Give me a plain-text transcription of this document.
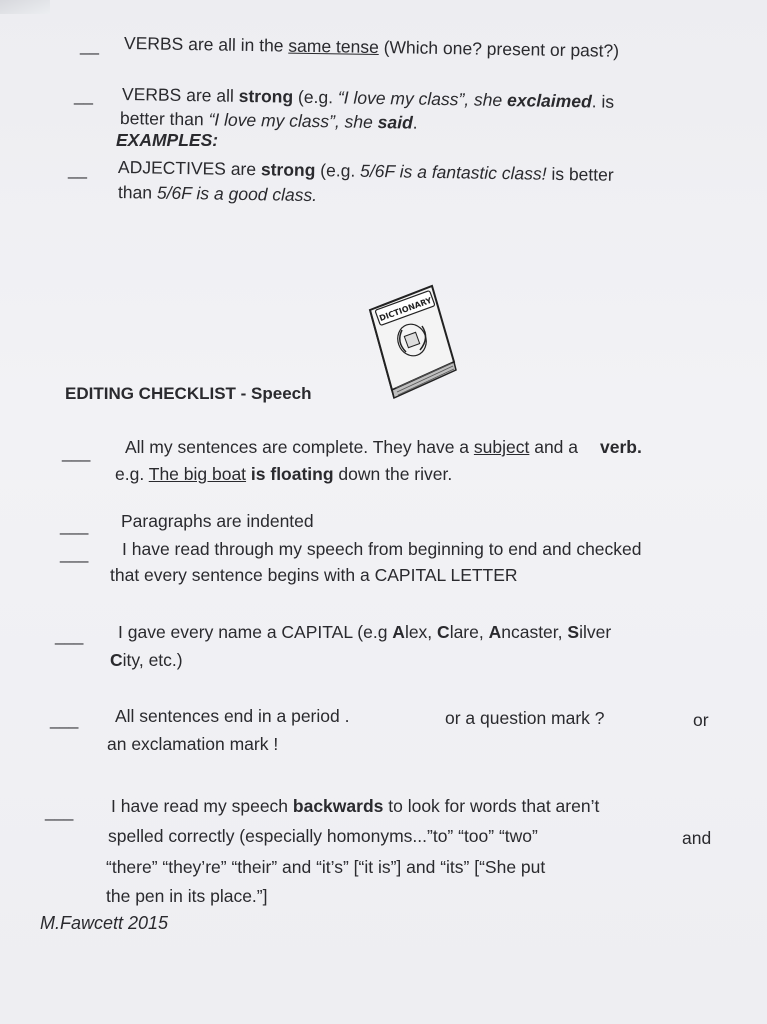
__ VERBS are all in the same tense (Which one? present or past?)
__ VERBS are all strong (e.g. “I love my class”, she exclaimed. is
better than “I love my class”, she said.
EXAMPLES:
__ ADJECTIVES are strong (e.g. 5/6F is a fantastic class! is better
than 5/6F is a good class.
DICTIONARY
EDITING CHECKLIST - Speech
___ All my sentences are complete. They have a subject and a verb.
e.g. The big boat is floating down the river.
___ Paragraphs are indented
___ I have read through my speech from beginning to end and checked
that every sentence begins with a CAPITAL LETTER
___ I gave every name a CAPITAL (e.g Alex, Clare, Ancaster, Silver
City, etc.)
___ All sentences end in a period .	or a question mark ?	or
an exclamation mark !
___ I have read my speech backwards to look for words that aren’t
spelled correctly (especially homonyms...”to” “too” “two”	and
“there” “they’re” “their” and “it’s” [“it is”] and “its” [“She put
the pen in its place.”]
M.Fawcett 2015
